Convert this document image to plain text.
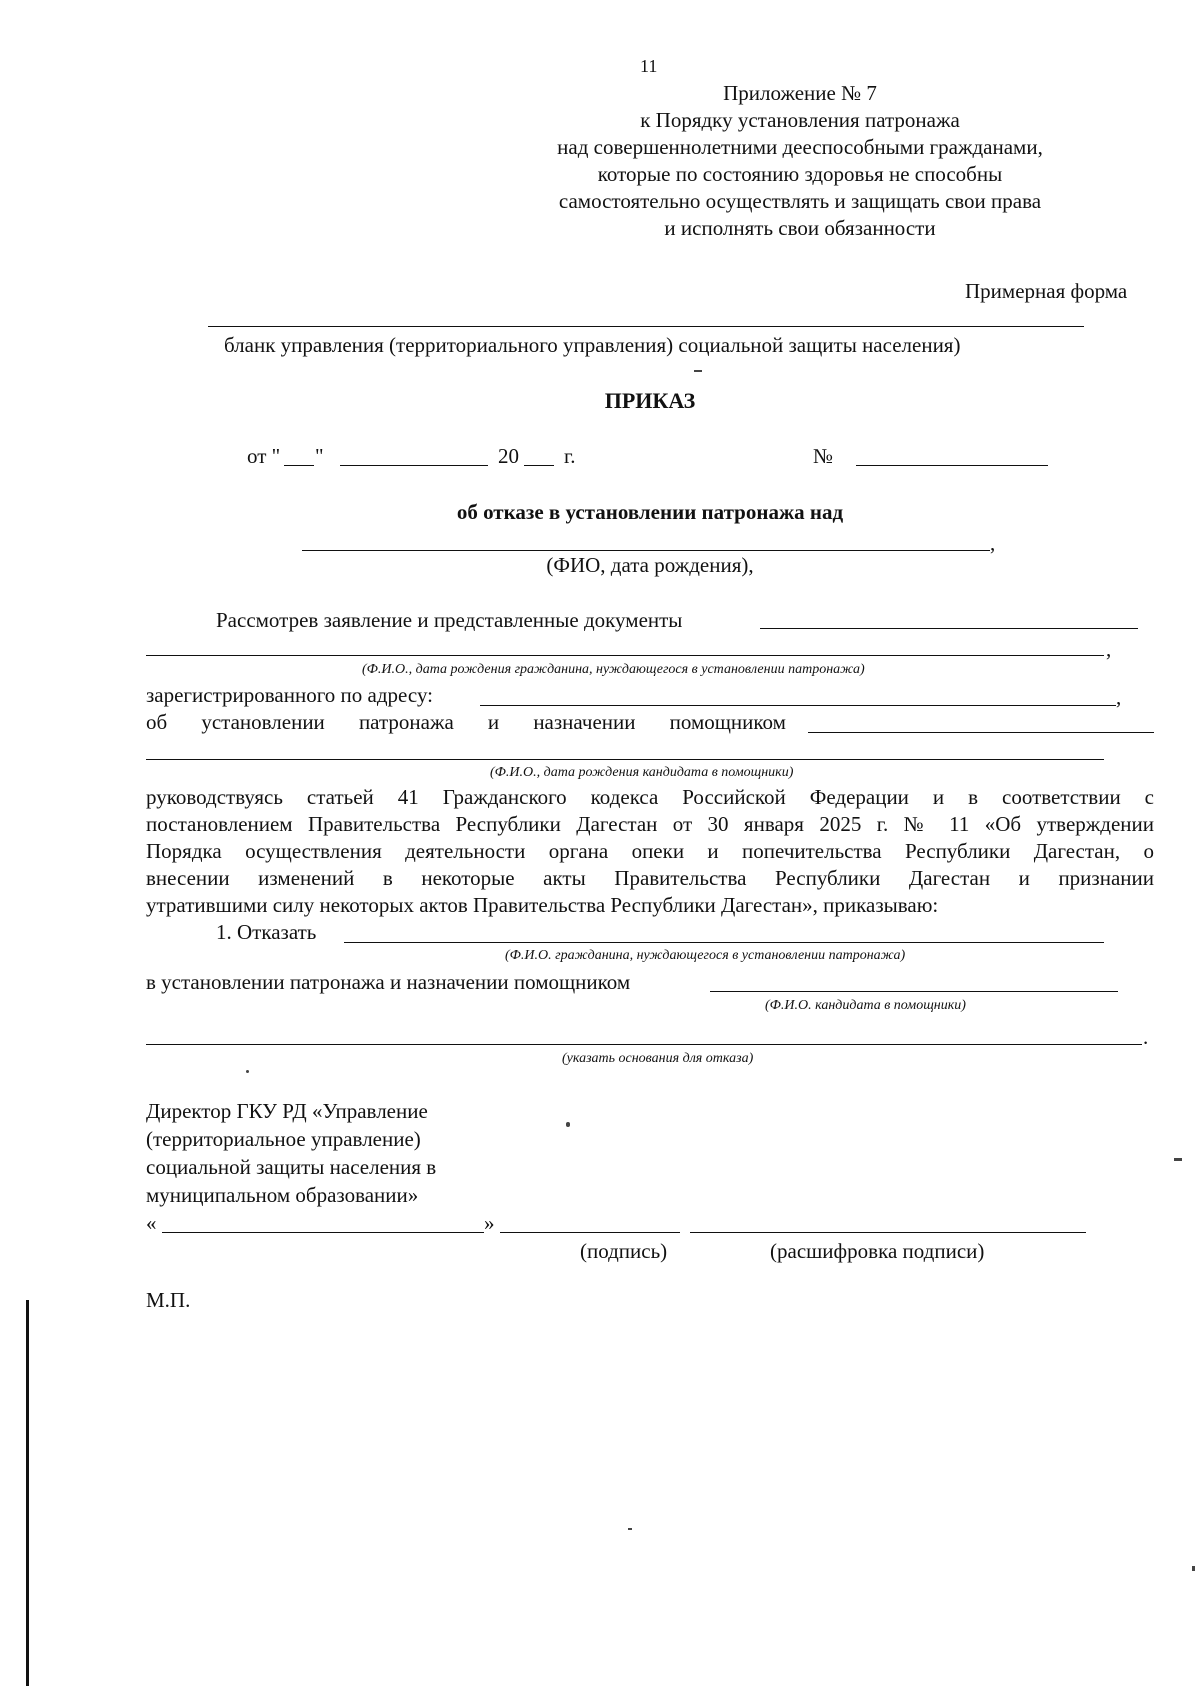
11
Приложение № 7
к Порядку установления патронажа
над совершеннолетними дееспособными гражданами,
которые по состоянию здоровья не способны
самостоятельно осуществлять и защищать свои права
и исполнять свои обязанности
Примерная форма
бланк управления (территориального управления) социальной защиты населения)
ПРИКАЗ
от " "	20 г.	№
об отказе в установлении патронажа над
,
(ФИО, дата рождения),
Рассмотрев заявление и представленные документы
,
(Ф.И.О., дата рождения гражданина, нуждающегося в установлении патронажа)
зарегистрированного по адресу:	,
об установлении патронажа и назначении помощником
(Ф.И.О., дата рождения кандидата в помощники)
руководствуясь статьей 41 Гражданского кодекса Российской Федерации и в соответствии с
постановлением Правительства Республики Дагестан от 30 января 2025 г. № 11 «Об утверждении
Порядка осуществления деятельности органа опеки и попечительства Республики Дагестан, о
внесении изменений в некоторые акты Правительства Республики Дагестан и признании
утратившими силу некоторых актов Правительства Республики Дагестан», приказываю:
1. Отказать
(Ф.И.О. гражданина, нуждающегося в установлении патронажа)
в установлении патронажа и назначении помощником
(Ф.И.О. кандидата в помощники)
.
(указать основания для отказа)
Директор ГКУ РД «Управление
(территориальное управление)
социальной защиты населения в
муниципальном образовании»
«	»
(подпись)	(расшифровка подписи)
М.П.
